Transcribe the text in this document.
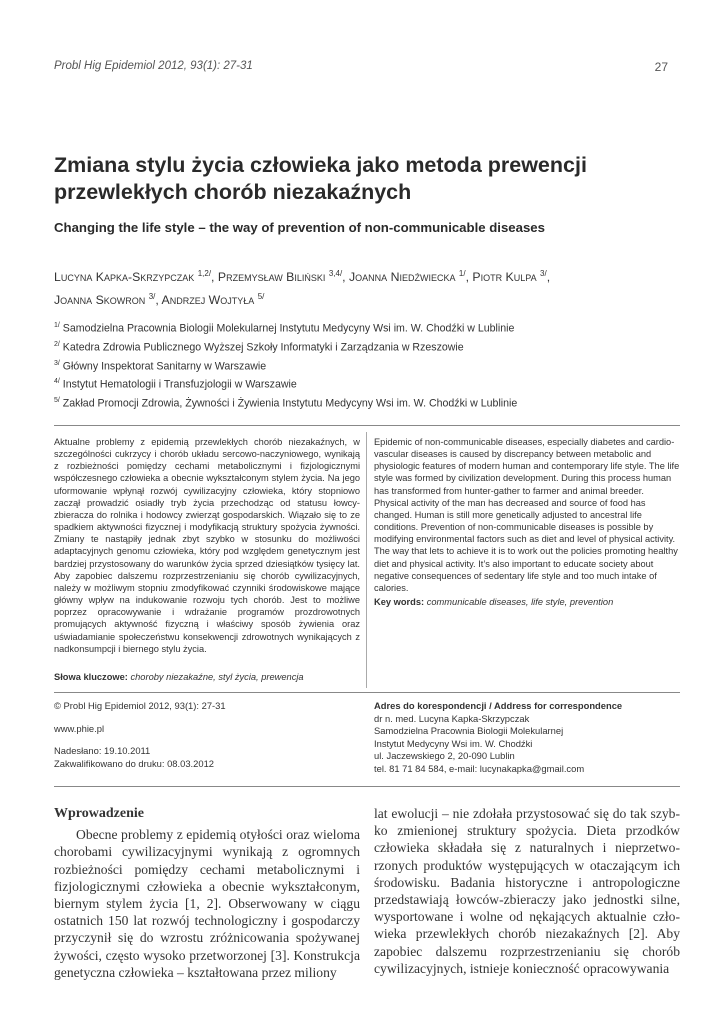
Probl Hig Epidemiol 2012, 93(1): 27-31	27
Zmiana stylu życia człowieka jako metoda prewencji przewlekłych chorób niezakaźnych
Changing the life style – the way of prevention of non-communicable diseases
Lucyna Kapka-Skrzypczak $^{1,2/}$, Przemysław Biliński $^{3,4/}$, Joanna Niedźwiecka $^{1/}$, Piotr Kulpa $^{3/}$,
Joanna Skowron $^{3/}$, Andrzej Wojtyła $^{5/}$
$^{1/}$ Samodzielna Pracownia Biologii Molekularnej Instytutu Medycyny Wsi im. W. Chodźki w Lublinie
$^{2/}$ Katedra Zdrowia Publicznego Wyższej Szkoły Informatyki i Zarządzania w Rzeszowie
$^{3/}$ Główny Inspektorat Sanitarny w Warszawie
$^{4/}$ Instytut Hematologii i Transfuzjologii w Warszawie
$^{5/}$ Zakład Promocji Zdrowia, Żywności i Żywienia Instytutu Medycyny Wsi im. W. Chodźki w Lublinie
Aktualne problemy z epidemią przewlekłych chorób niezakaźnych, w szczególności cukrzycy i chorób układu sercowo-naczyniowego, wynikają z rozbieżności pomiędzy cechami metabolicznymi i fizjologicznymi współczesnego człowieka a obecnie wykształconym stylem życia. Na jego uformowanie wpłynął rozwój cywilizacyjny człowieka, który stopniowo zaczął prowadzić osiadły tryb życia przechodząc od statusu łowcy-zbieracza do rolnika i hodowcy zwierząt gospodarskich. Wiązało się to ze spadkiem aktywności fizycznej i modyfikacją struktury spożycia żywności. Zmiany te nastąpiły jednak zbyt szybko w stosunku do możliwości adaptacyjnych genomu człowieka, który pod względem genetycznym jest bardziej przystosowany do warunków życia sprzed dziesiątków tysięcy lat. Aby zapobiec dalszemu rozprzestrzenianiu się chorób cywilizacyjnych, należy w możliwym stopniu zmodyfikować czynniki środowiskowe mające główny wpływ na indukowanie rozwoju tych chorób. Jest to możliwe poprzez opracowywanie i wdrażanie programów prozdrowotnych promujących aktywność fizyczną i właściwy sposób żywienia oraz uświadamianie społeczeństwu konsekwencji zdrowotnych wynikających z nadkonsumpcji i biernego stylu życia.
Słowa kluczowe: choroby niezakaźne, styl życia, prewencja
Epidemic of non-communicable diseases, especially diabetes and cardio-vascular diseases is caused by discrepancy between metabolic and physiologic features of modern human and contemporary life style. The life style was formed by civilization development. During this process human has transformed from hunter-gather to farmer and animal breeder. Physical activity of the man has decreased and source of food has changed. Human is still more genetically adjusted to ancestral life conditions. Prevention of non-communicable diseases is possible by modifying environmental factors such as diet and level of physical activity. The way that lets to achieve it is to work out the policies promoting healthy diet and physical activity. It’s also important to educate society about negative consequences of sedentary life style and too much intake of calories.
Key words: communicable diseases, life style, prevention
© Probl Hig Epidemiol 2012, 93(1): 27-31
www.phie.pl
Nadesłano: 19.10.2011
Zakwalifikowano do druku: 08.03.2012
Adres do korespondencji / Address for correspondence
dr n. med. Lucyna Kapka-Skrzypczak
Samodzielna Pracownia Biologii Molekularnej
Instytut Medycyny Wsi im. W. Chodźki
ul. Jaczewskiego 2, 20-090 Lublin
tel. 81 71 84 584, e-mail: lucynakapka@gmail.com
Wprowadzenie
Obecne problemy z epidemią otyłości oraz wieloma chorobami cywilizacyjnymi wynikają z ogromnych rozbieżności pomiędzy cechami metabolicznymi i fizjologicznymi człowieka a obecnie wykształconym, biernym stylem życia [1, 2]. Obserwowany w ciągu ostatnich 150 lat rozwój technologiczny i gospodarczy przyczynił się do wzrostu zróżnicowania spożywanej żywości, często wysoko przetworzonej [3]. Konstrukcja genetyczna człowieka – kształtowana przez miliony
lat ewolucji – nie zdołała przystosować się do tak szybko zmienionej struktury spożycia. Dieta przodków człowieka składała się z naturalnych i nieprzetworzonych produktów występujących w otaczającym ich środowisku. Badania historyczne i antropologiczne przedstawiają łowców-zbieraczy jako jednostki silne, wysportowane i wolne od nękających aktualnie człowieka przewlekłych chorób niezakaźnych [2]. Aby zapobiec dalszemu rozprzestrzenianiu się chorób cywilizacyjnych, istnieje konieczność opracowywania
